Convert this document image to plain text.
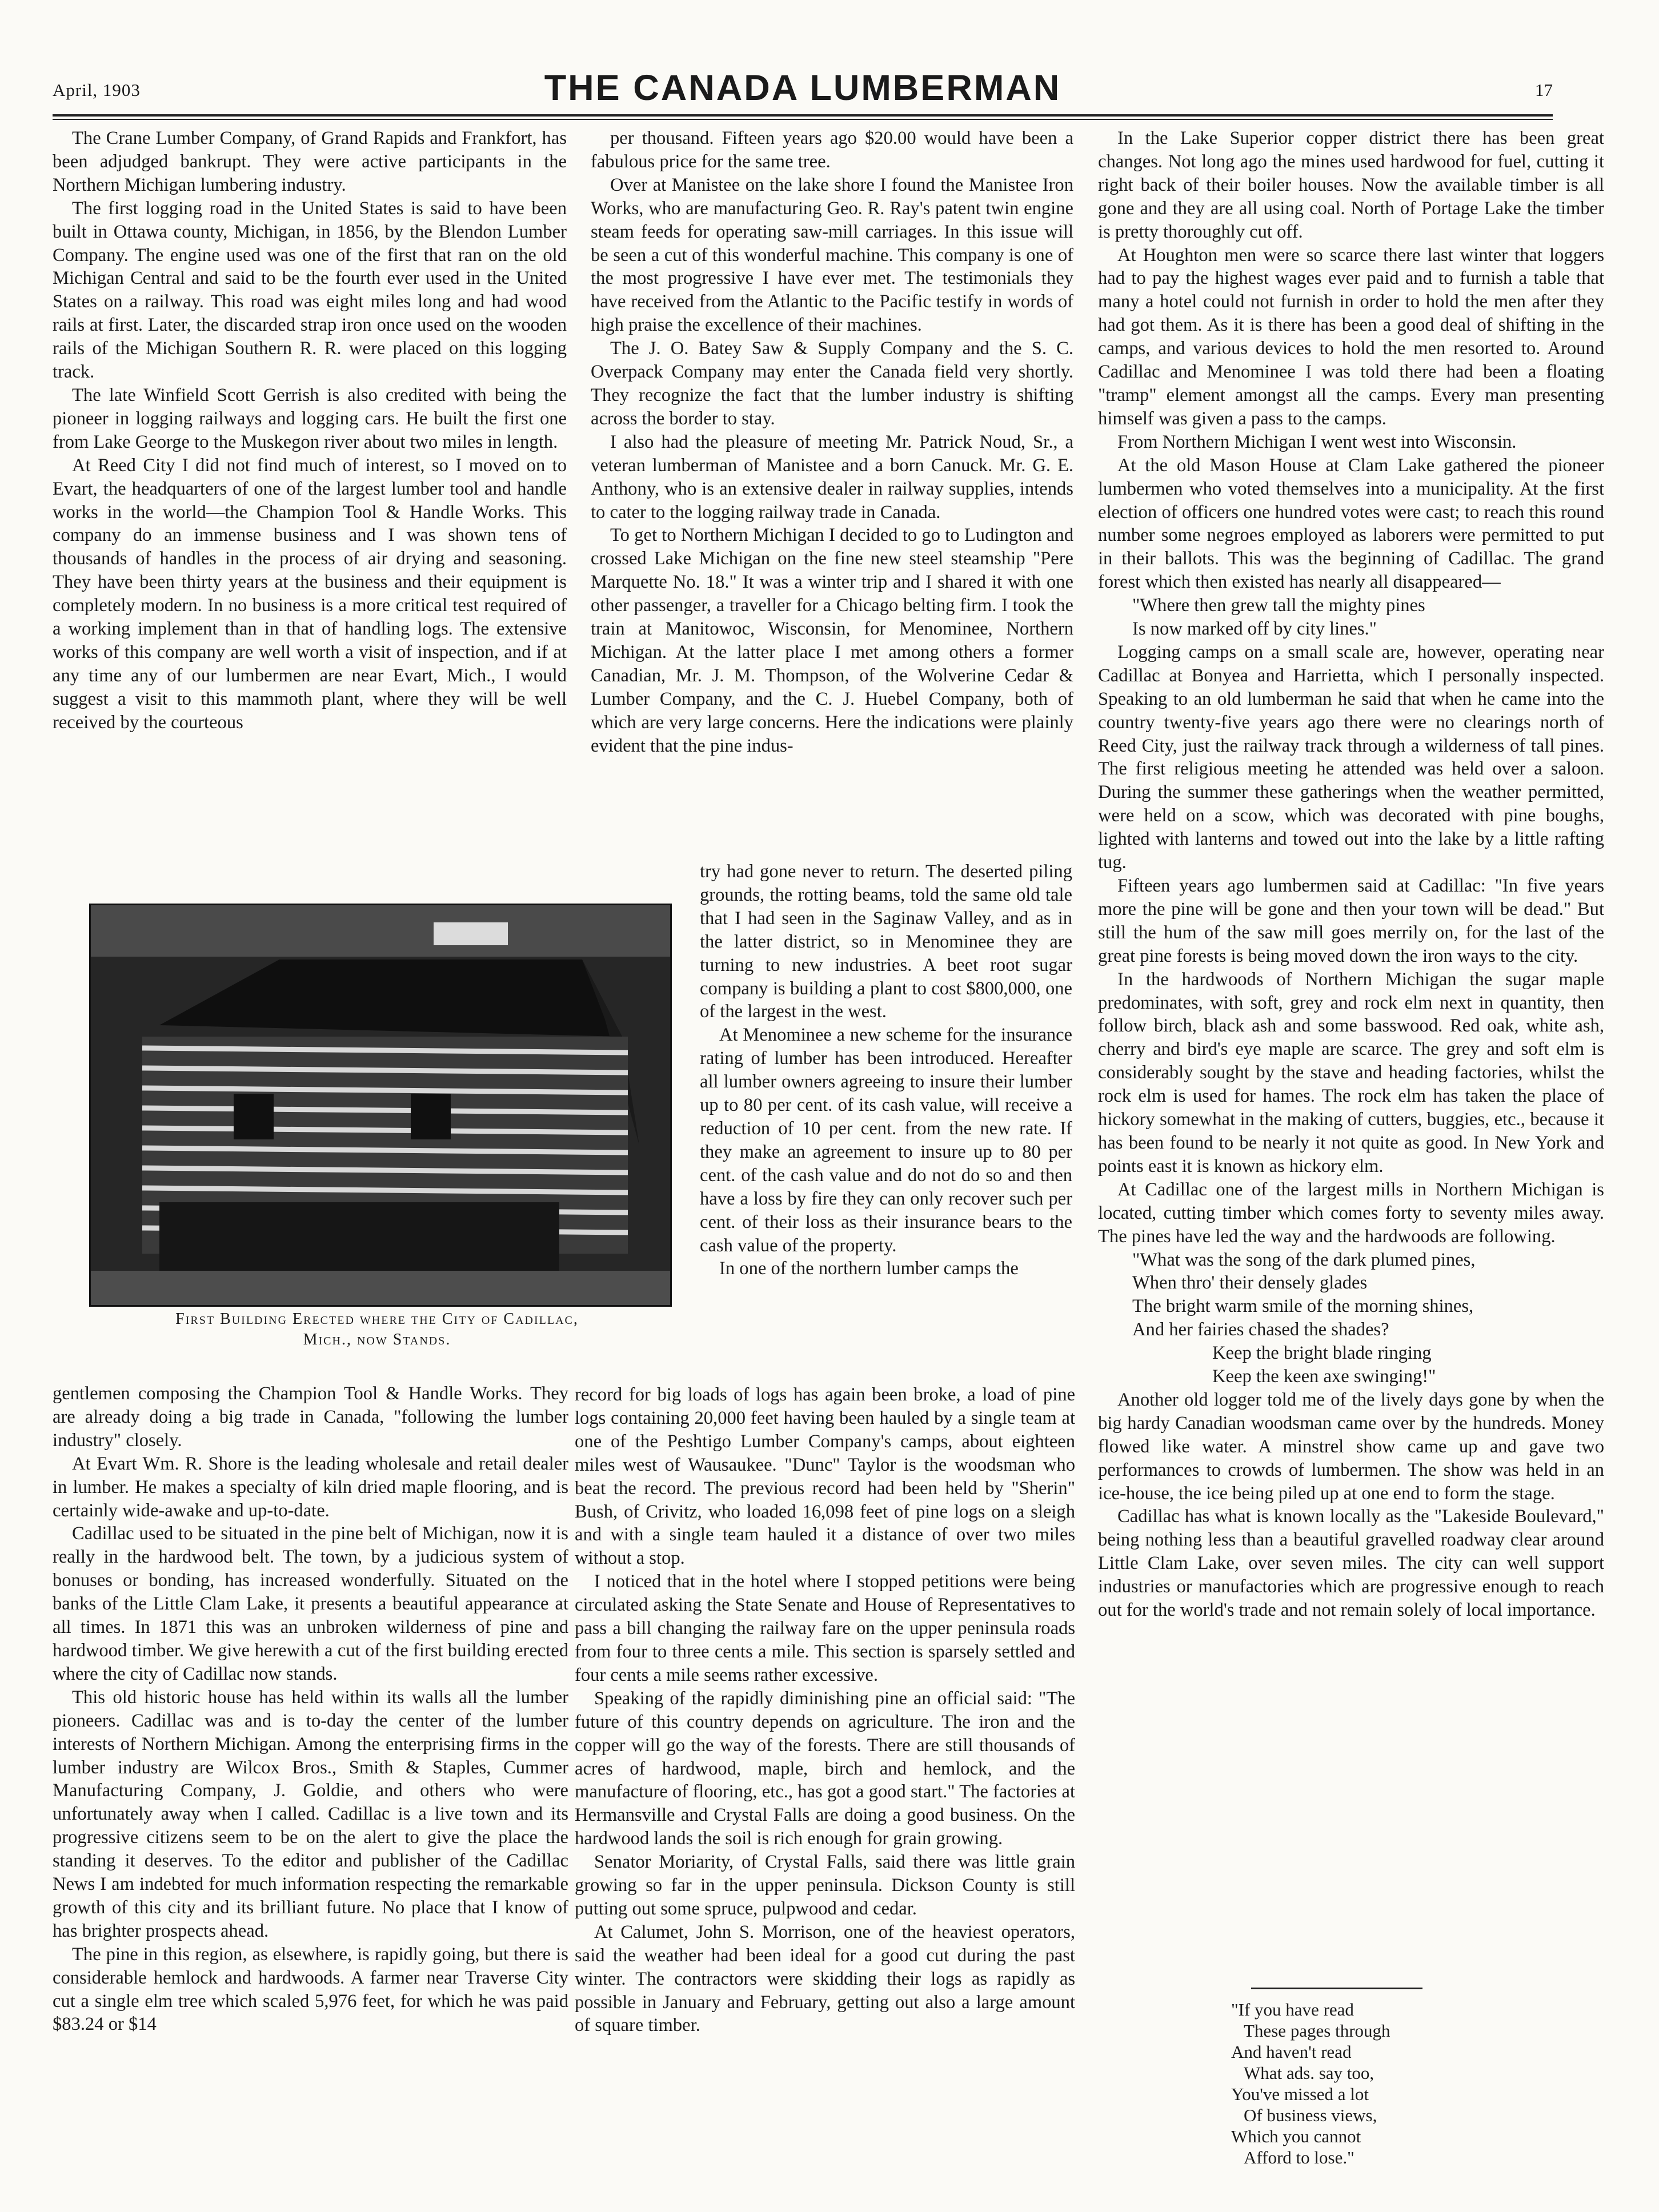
April, 1903	THE CANADA LUMBERMAN	17

The Crane Lumber Company, of Grand Rapids and Frankfort, has been adjudged bankrupt. They were active participants in the Northern Michigan lumbering industry.

The first logging road in the United States is said to have been built in Ottawa county, Michigan, in 1856, by the Blendon Lumber Company. The engine used was one of the first that ran on the old Michigan Central and said to be the fourth ever used in the United States on a railway. This road was eight miles long and had wood rails at first. Later, the discarded strap iron once used on the wooden rails of the Michigan Southern R. R. were placed on this logging track.

The late Winfield Scott Gerrish is also credited with being the pioneer in logging railways and logging cars. He built the first one from Lake George to the Muskegon river about two miles in length.

At Reed City I did not find much of interest, so I moved on to Evart, the headquarters of one of the largest lumber tool and handle works in the world—the Champion Tool & Handle Works. This company do an immense business and I was shown tens of thousands of handles in the process of air drying and seasoning. They have been thirty years at the business and their equipment is completely modern. In no business is a more critical test required of a working implement than in that of handling logs. The extensive works of this company are well worth a visit of inspection, and if at any time any of our lumbermen are near Evart, Mich., I would suggest a visit to this mammoth plant, where they will be well received by the courteous

per thousand. Fifteen years ago $20.00 would have been a fabulous price for the same tree.

Over at Manistee on the lake shore I found the Manistee Iron Works, who are manufacturing Geo. R. Ray's patent twin engine steam feeds for operating saw-mill carriages. In this issue will be seen a cut of this wonderful machine. This company is one of the most progressive I have ever met. The testimonials they have received from the Atlantic to the Pacific testify in words of high praise the excellence of their machines.

The J. O. Batey Saw & Supply Company and the S. C. Overpack Company may enter the Canada field very shortly. They recognize the fact that the lumber industry is shifting across the border to stay.

I also had the pleasure of meeting Mr. Patrick Noud, Sr., a veteran lumberman of Manistee and a born Canuck. Mr. G. E. Anthony, who is an extensive dealer in railway supplies, intends to cater to the logging railway trade in Canada.

To get to Northern Michigan I decided to go to Ludington and crossed Lake Michigan on the fine new steel steamship "Pere Marquette No. 18." It was a winter trip and I shared it with one other passenger, a traveller for a Chicago belting firm. I took the train at Manitowoc, Wisconsin, for Menominee, Northern Michigan. At the latter place I met among others a former Canadian, Mr. J. M. Thompson, of the Wolverine Cedar & Lumber Company, and the C. J. Huebel Company, both of which are very large concerns. Here the indications were plainly evident that the pine indus-

First Building Erected where the City of Cadillac,
Mich., now Stands.

try had gone never to return. The deserted piling grounds, the rotting beams, told the same old tale that I had seen in the Saginaw Valley, and as in the latter district, so in Menominee they are turning to new industries. A beet root sugar company is building a plant to cost $800,000, one of the largest in the west.

At Menominee a new scheme for the insurance rating of lumber has been introduced. Hereafter all lumber owners agreeing to insure their lumber up to 80 per cent. of its cash value, will receive a reduction of 10 per cent. from the new rate. If they make an agreement to insure up to 80 per cent. of the cash value and do not do so and then have a loss by fire they can only recover such per cent. of their loss as their insurance bears to the cash value of the property.

In one of the northern lumber camps the

gentlemen composing the Champion Tool & Handle Works. They are already doing a big trade in Canada, "following the lumber industry" closely.

At Evart Wm. R. Shore is the leading wholesale and retail dealer in lumber. He makes a specialty of kiln dried maple flooring, and is certainly wide-awake and up-to-date.

Cadillac used to be situated in the pine belt of Michigan, now it is really in the hardwood belt. The town, by a judicious system of bonuses or bonding, has increased wonderfully. Situated on the banks of the Little Clam Lake, it presents a beautiful appearance at all times. In 1871 this was an unbroken wilderness of pine and hardwood timber. We give herewith a cut of the first building erected where the city of Cadillac now stands.

This old historic house has held within its walls all the lumber pioneers. Cadillac was and is to-day the center of the lumber interests of Northern Michigan. Among the enterprising firms in the lumber industry are Wilcox Bros., Smith & Staples, Cummer Manufacturing Company, J. Goldie, and others who were unfortunately away when I called. Cadillac is a live town and its progressive citizens seem to be on the alert to give the place the standing it deserves. To the editor and publisher of the Cadillac News I am indebted for much information respecting the remarkable growth of this city and its brilliant future. No place that I know of has brighter prospects ahead.

The pine in this region, as elsewhere, is rapidly going, but there is considerable hemlock and hardwoods. A farmer near Traverse City cut a single elm tree which scaled 5,976 feet, for which he was paid $83.24 or $14

record for big loads of logs has again been broke, a load of pine logs containing 20,000 feet having been hauled by a single team at one of the Peshtigo Lumber Company's camps, about eighteen miles west of Wausaukee. "Dunc" Taylor is the woodsman who beat the record. The previous record had been held by "Sherin" Bush, of Crivitz, who loaded 16,098 feet of pine logs on a sleigh and with a single team hauled it a distance of over two miles without a stop.

I noticed that in the hotel where I stopped petitions were being circulated asking the State Senate and House of Representatives to pass a bill changing the railway fare on the upper peninsula roads from four to three cents a mile. This section is sparsely settled and four cents a mile seems rather excessive.

Speaking of the rapidly diminishing pine an official said: "The future of this country depends on agriculture. The iron and the copper will go the way of the forests. There are still thousands of acres of hardwood, maple, birch and hemlock, and the manufacture of flooring, etc., has got a good start." The factories at Hermansville and Crystal Falls are doing a good business. On the hardwood lands the soil is rich enough for grain growing.

Senator Moriarity, of Crystal Falls, said there was little grain growing so far in the upper peninsula. Dickson County is still putting out some spruce, pulpwood and cedar.

At Calumet, John S. Morrison, one of the heaviest operators, said the weather had been ideal for a good cut during the past winter. The contractors were skidding their logs as rapidly as possible in January and February, getting out also a large amount of square timber.

In the Lake Superior copper district there has been great changes. Not long ago the mines used hardwood for fuel, cutting it right back of their boiler houses. Now the available timber is all gone and they are all using coal. North of Portage Lake the timber is pretty thoroughly cut off.

At Houghton men were so scarce there last winter that loggers had to pay the highest wages ever paid and to furnish a table that many a hotel could not furnish in order to hold the men after they had got them. As it is there has been a good deal of shifting in the camps, and various devices to hold the men resorted to. Around Cadillac and Menominee I was told there had been a floating "tramp" element amongst all the camps. Every man presenting himself was given a pass to the camps.

From Northern Michigan I went west into Wisconsin.

At the old Mason House at Clam Lake gathered the pioneer lumbermen who voted themselves into a municipality. At the first election of officers one hundred votes were cast; to reach this round number some negroes employed as laborers were permitted to put in their ballots. This was the beginning of Cadillac. The grand forest which then existed has nearly all disappeared—

"Where then grew tall the mighty pines

Is now marked off by city lines."

Logging camps on a small scale are, however, operating near Cadillac at Bonyea and Harrietta, which I personally inspected. Speaking to an old lumberman he said that when he came into the country twenty-five years ago there were no clearings north of Reed City, just the railway track through a wilderness of tall pines. The first religious meeting he attended was held over a saloon. During the summer these gatherings when the weather permitted, were held on a scow, which was decorated with pine boughs, lighted with lanterns and towed out into the lake by a little rafting tug.

Fifteen years ago lumbermen said at Cadillac: "In five years more the pine will be gone and then your town will be dead." But still the hum of the saw mill goes merrily on, for the last of the great pine forests is being moved down the iron ways to the city.

In the hardwoods of Northern Michigan the sugar maple predominates, with soft, grey and rock elm next in quantity, then follow birch, black ash and some basswood. Red oak, white ash, cherry and bird's eye maple are scarce. The grey and soft elm is considerably sought by the stave and heading factories, whilst the rock elm is used for hames. The rock elm has taken the place of hickory somewhat in the making of cutters, buggies, etc., because it has been found to be nearly it not quite as good. In New York and points east it is known as hickory elm.

At Cadillac one of the largest mills in Northern Michigan is located, cutting timber which comes forty to seventy miles away. The pines have led the way and the hardwoods are following.

"What was the song of the dark plumed pines,

When thro' their densely glades

The bright warm smile of the morning shines,

And her fairies chased the shades?

Keep the bright blade ringing

Keep the keen axe swinging!"

Another old logger told me of the lively days gone by when the big hardy Canadian woodsman came over by the hundreds. Money flowed like water. A minstrel show came up and gave two performances to crowds of lumbermen. The show was held in an ice-house, the ice being piled up at one end to form the stage.

Cadillac has what is known locally as the "Lakeside Boulevard," being nothing less than a beautiful gravelled roadway clear around Little Clam Lake, over seven miles. The city can well support industries or manufactories which are progressive enough to reach out for the world's trade and not remain solely of local importance.

"If you have read

These pages through

And haven't read

What ads. say too,

You've missed a lot

Of business views,

Which you cannot

Afford to lose."
